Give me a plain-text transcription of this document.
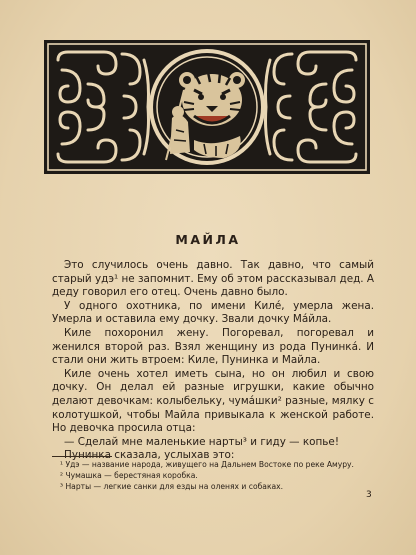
МАЙЛА

Это случилось очень давно. Так давно, что самый старый удэ¹ не запомнит. Ему об этом рассказывал дед. А деду говорил его отец. Очень давно было.

У одного охотника, по имени Килé, умерла жена. Умерла и оставила ему дочку. Звали дочку Мáйла.

Киле похоронил жену. Погоревал, погоревал и женился второй раз. Взял женщину из рода Пунинкá. И стали они жить втроем: Киле, Пунинка и Майла.

Киле очень хотел иметь сына, но он любил и свою дочку. Он делал ей разные игрушки, какие обычно делают девочкам: колыбельку, чумáшки² разные, мялку с колотушкой, чтобы Майла привыкала к женской работе. Но девочка просила отца:

— Сделай мне маленькие нарты³ и гиду — копье!

Пунинка сказала, услыхав это:

¹ Удэ — название народа, живущего на Дальнем Востоке по реке Амуру.
² Чумашка — берестяная коробка.
³ Нарты — легкие санки для езды на оленях и собаках.
3
